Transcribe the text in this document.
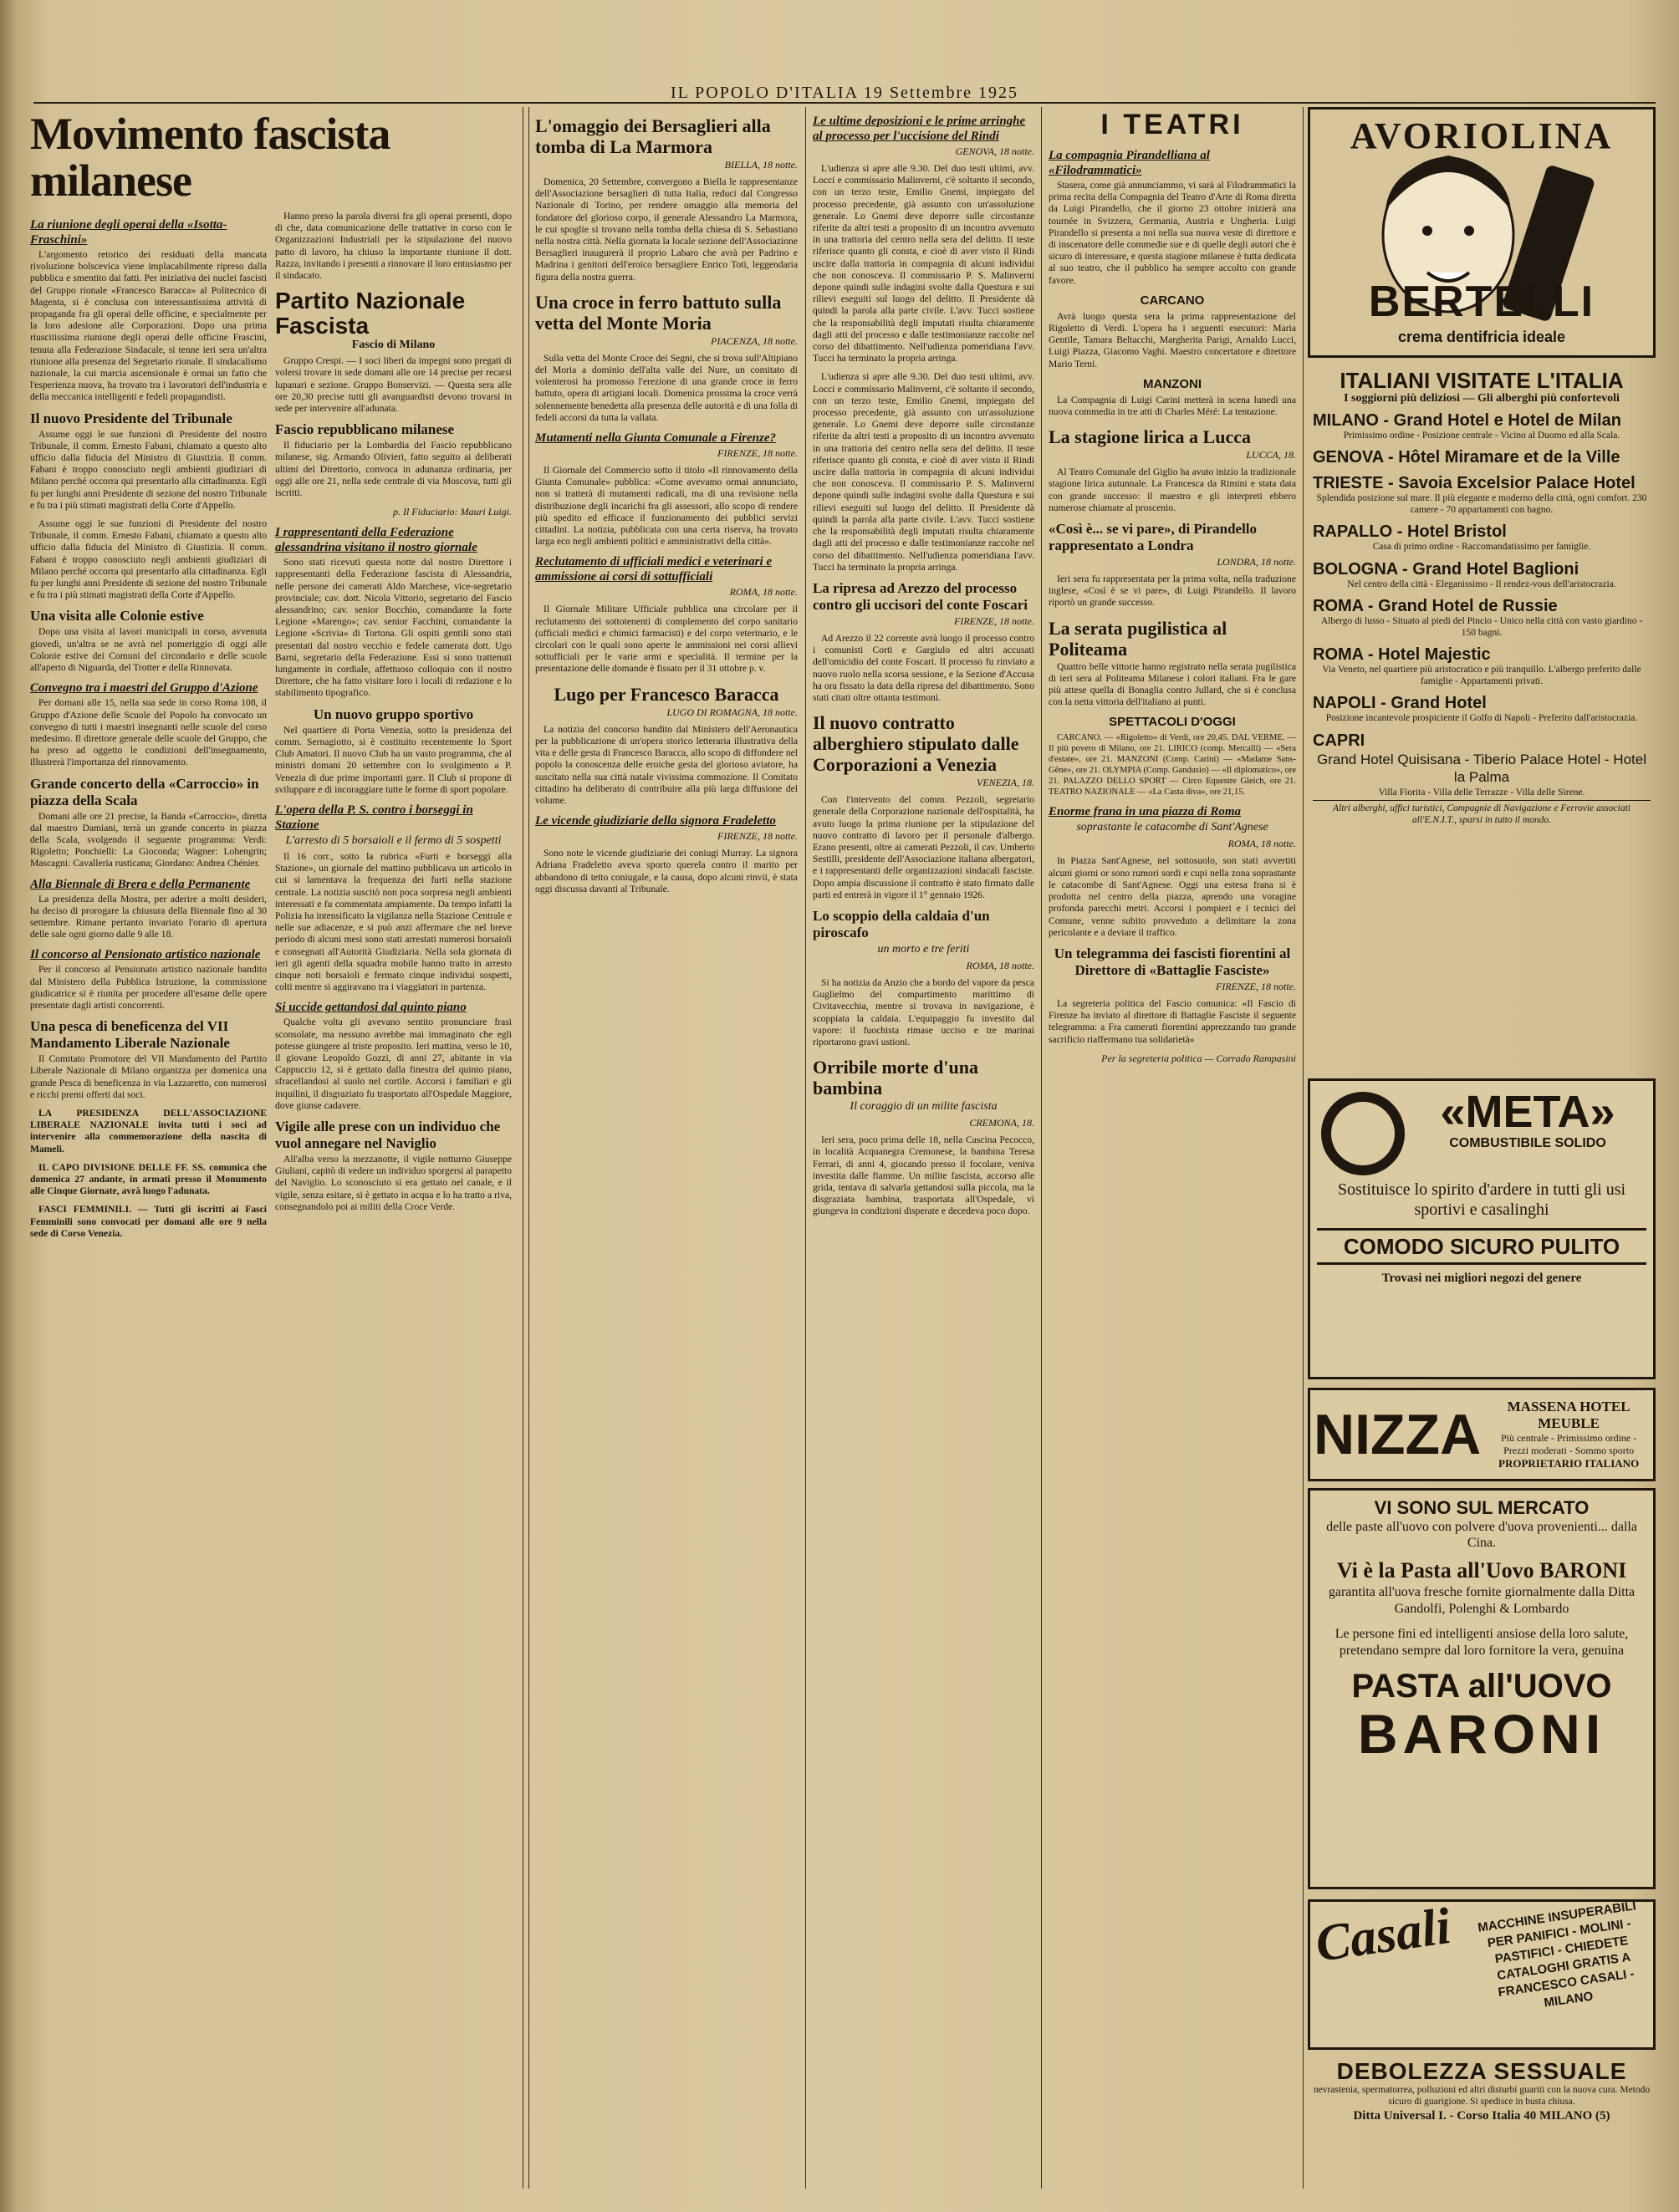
IL POPOLO D'ITALIA 19 Settembre 1925
Movimento fascista milanese
La riunione degli operai della «Isotta-Fraschini»

L'argomento retorico dei residuati della mancata rivoluzione bolscevica viene implacabilmente ripreso dalla pubblica e smentito dai fatti. Per iniziativa dei nuclei fascisti del Gruppo rionale «Francesco Baracca» al Politecnico di Magenta, si è conclusa con interessantissima attività di propaganda fra gli operai delle officine, e specialmente per la loro adesione alle Corporazioni. Dopo una prima riuscitissima riunione degli operai delle officine Frascini, tenuta alla Federazione Sindacale, si tenne ieri sera un'altra riunione alla presenza del Segretario rionale. Il sindacalismo nazionale, la cui marcia ascensionale è ormai un fatto che l'esperienza nuova, ha trovato tra i lavoratori dell'industria e della meccanica intelligenti e fedeli propagandisti.

Il nuovo Presidente del Tribunale

Assume oggi le sue funzioni di Presidente del nostro Tribunale, il comm. Ernesto Fabani, chiamato a questo alto ufficio dalla fiducia del Ministro di Giustizia. Il comm. Fabani è troppo conosciuto negli ambienti giudiziari di Milano perché occorra qui presentarlo alla cittadinanza. Egli fu per lunghi anni Presidente di sezione del nostro Tribunale e fu tra i più stimati magistrati della Corte d'Appello.

Assume oggi le sue funzioni di Presidente del nostro Tribunale, il comm. Ernesto Fabani, chiamato a questo alto ufficio dalla fiducia del Ministro di Giustizia. Il comm. Fabani è troppo conosciuto negli ambienti giudiziari di Milano perché occorra qui presentarlo alla cittadinanza. Egli fu per lunghi anni Presidente di sezione del nostro Tribunale e fu tra i più stimati magistrati della Corte d'Appello.

Una visita alle Colonie estive

Dopo una visita al lavori municipali in corso, avvenuta giovedì, un'altra se ne avrà nel pomeriggio di oggi alle Colonie estive dei Comuni del circondario e delle scuole all'aperto di Niguarda, del Trotter e della Rinnovata.

Convegno tra i maestri del Gruppo d'Azione

Per domani alle 15, nella sua sede in corso Roma 108, il Gruppo d'Azione delle Scuole del Popolo ha convocato un convegno di tutti i maestri insegnanti nelle scuole del corso medesimo. Il direttore generale delle scuole del Gruppo, che ha preso ad oggetto le condizioni dell'insegnamento, illustrerà l'importanza del rinnovamento.

Grande concerto della «Carroccio» in piazza della Scala

Domani alle ore 21 precise, la Banda «Carroccio», diretta dal maestro Damiani, terrà un grande concerto in piazza della Scala, svolgendo il seguente programma: Verdi: Rigoletto; Ponchielli: La Gioconda; Wagner: Lohengrin; Mascagni: Cavalleria rusticana; Giordano: Andrea Chénier.

Alla Biennale di Brera e della Permanente

La presidenza della Mostra, per aderire a molti desideri, ha deciso di prorogare la chiusura della Biennale fino al 30 settembre. Rimane pertanto invariato l'orario di apertura delle sale ogni giorno dalle 9 alle 18.

Il concorso al Pensionato artistico nazionale

Per il concorso al Pensionato artistico nazionale bandito dal Ministero della Pubblica Istruzione, la commissione giudicatrice si è riunita per procedere all'esame delle opere presentate dagli artisti concorrenti.

Una pesca di beneficenza del VII Mandamento Liberale Nazionale

Il Comitato Promotore del VII Mandamento del Partito Liberale Nazionale di Milano organizza per domenica una grande Pesca di beneficenza in via Lazzaretto, con numerosi e ricchi premi offerti dai soci.

LA PRESIDENZA DELL'ASSOCIAZIONE LIBERALE NAZIONALE invita tutti i soci ad intervenire alla commemorazione della nascita di Mameli.

IL CAPO DIVISIONE DELLE FF. SS. comunica che domenica 27 andante, in armati presso il Monumento alle Cinque Giornate, avrà luogo l'adunata.

FASCI FEMMINILI. — Tutti gli iscritti ai Fasci Femminili sono convocati per domani alle ore 9 nella sede di Corso Venezia.

Hanno preso la parola diversi fra gli operai presenti, dopo di che, data comunicazione delle trattative in corso con le Organizzazioni Industriali per la stipulazione del nuovo patto di lavoro, ha chiuso la importante riunione il dott. Razza, invitando i presenti a rinnovare il loro entusiasmo per il sindacato.

Partito Nazionale Fascista
Fascio di Milano

Gruppo Crespi. — I soci liberi da impegni sono pregati di volersi trovare in sede domani alle ore 14 precise per recarsi lupanari e sezione. Gruppo Bonservizi. — Questa sera alle ore 20,30 precise tutti gli avanguardisti devono trovarsi in sede per intervenire all'adunata.

Fascio repubblicano milanese

Il fiduciario per la Lombardia del Fascio repubblicano milanese, sig. Armando Olivieri, fatto seguito ai deliberati ultimi del Direttorio, convoca in adunanza ordinaria, per oggi alle ore 21, nella sede centrale di via Moscova, tutti gli iscritti.

p. Il Fiduciario: Mauri Luigi.
I rappresentanti della Federazione alessandrina visitano il nostro giornale

Sono stati ricevuti questa notte dal nostro Direttore i rappresentanti della Federazione fascista di Alessandria, nelle persone dei camerati Aldo Marchese, vice-segretario provinciale; cav. dott. Nicola Vittorio, segretario del Fascio alessandrino; cav. senior Bocchio, comandante la forte Legione «Marengo»; cav. senior Facchini, comandante la Legione «Scrivia» di Tortona. Gli ospiti gentili sono stati presentati dal nostro vecchio e fedele camerata dott. Ugo Barni, segretario della Federazione. Essi si sono trattenuti lungamente in cordiale, affettuoso colloquio con il nostro Direttore, che ha fatto visitare loro i locali di redazione e lo stabilimento tipografico.

Un nuovo gruppo sportivo

Nel quartiere di Porta Venezia, sotto la presidenza del comm. Sernagiotto, si è costituito recentemente lo Sport Club Amatori. Il nuovo Club ha un vasto programma, che al ministri domani 20 settembre con lo svolgimento a P. Venezia di due prime importanti gare. Il Club si propone di sviluppare e di incoraggiare tutte le forme di sport popolare.

L'opera della P. S. contro i borseggi in Stazione
L'arresto di 5 borsaioli e il fermo di 5 sospetti

Il 16 corr., sotto la rubrica «Furti e borseggi alla Stazione», un giornale del mattino pubblicava un articolo in cui si lamentava la frequenza dei furti nella stazione centrale. La notizia suscitò non poca sorpresa negli ambienti interessati e fu commentata ampiamente. Da tempo infatti la Polizia ha intensificato la vigilanza nella Stazione Centrale e nelle sue adiacenze, e si può anzi affermare che nel breve periodo di alcuni mesi sono stati arrestati numerosi borsaioli e consegnati all'Autorità Giudiziaria. Nella sola giornata di ieri gli agenti della squadra mobile hanno tratto in arresto cinque noti borsaioli e fermato cinque individui sospetti, colti mentre si aggiravano tra i viaggiatori in partenza.

Si uccide gettandosi dal quinto piano

Qualche volta gli avevano sentito pronunciare frasi sconsolate, ma nessuno avrebbe mai immaginato che egli potesse giungere al triste proposito. Ieri mattina, verso le 10, il giovane Leopoldo Gozzi, di anni 27, abitante in via Cappuccio 12, si è gettato dalla finestra del quinto piano, sfracellandosi al suolo nel cortile. Accorsi i familiari e gli inquilini, il disgraziato fu trasportato all'Ospedale Maggiore, dove giunse cadavere.

Vigile alle prese con un individuo che vuol annegare nel Naviglio

All'alba verso la mezzanotte, il vigile notturno Giuseppe Giuliani, capitò di vedere un individuo sporgersi al parapetto del Naviglio. Lo sconosciuto si era gettato nel canale, e il vigile, senza esitare, si è gettato in acqua e lo ha tratto a riva, consegnandolo poi ai militi della Croce Verde.

L'omaggio dei Bersaglieri alla tomba di La Marmora
BIELLA, 18 notte.

Domenica, 20 Settembre, convergono a Biella le rappresentanze dell'Associazione bersaglieri di tutta Italia, reduci dal Congresso Nazionale di Torino, per rendere omaggio alla memoria del fondatore del glorioso corpo, il generale Alessandro La Marmora, le cui spoglie si trovano nella tomba della chiesa di S. Sebastiano nella nostra città. Nella giornata la locale sezione dell'Associazione Bersaglieri inaugurerà il proprio Labaro che avrà per Padrino e Madrina i genitori dell'eroico bersagliere Enrico Toti, leggendaria figura della nostra guerra.

Una croce in ferro battuto sulla vetta del Monte Moria
PIACENZA, 18 notte.

Sulla vetta del Monte Croce dei Segni, che si trova sull'Altipiano del Moria a dominio dell'alta valle del Nure, un comitato di volenterosi ha promosso l'erezione di una grande croce in ferro battuto, opera di artigiani locali. Domenica prossima la croce verrà solennemente benedetta alla presenza delle autorità e di una folla di fedeli accorsi da tutta la vallata.

Mutamenti nella Giunta Comunale a Firenze?
FIRENZE, 18 notte.

Il Giornale del Commercio sotto il titolo «Il rinnovamento della Giunta Comunale» pubblica: «Come avevamo ormai annunciato, non si tratterà di mutamenti radicali, ma di una revisione nella distribuzione degli incarichi fra gli assessori, allo scopo di rendere più spedito ed efficace il funzionamento dei pubblici servizi cittadini. La notizia, pubblicata con una certa riserva, ha trovato larga eco negli ambienti politici e amministrativi della città».

Reclutamento di ufficiali medici e veterinari e ammissione ai corsi di sottufficiali
ROMA, 18 notte.

Il Giornale Militare Ufficiale pubblica una circolare per il reclutamento dei sottotenenti di complemento del corpo sanitario (ufficiali medici e chimici farmacisti) e del corpo veterinario, e le circolari con le quali sono aperte le ammissioni nei corsi allievi sottufficiali per le varie armi e specialità. Il termine per la presentazione delle domande è fissato per il 31 ottobre p. v.

Lugo per Francesco Baracca
LUGO DI ROMAGNA, 18 notte.

La notizia del concorso bandito dal Ministero dell'Aeronautica per la pubblicazione di un'opera storico letteraria illustrativa della vita e delle gesta di Francesco Baracca, allo scopo di diffondere nel popolo la conoscenza delle eroiche gesta del glorioso aviatore, ha suscitato nella sua città natale vivissima commozione. Il Comitato cittadino ha deliberato di contribuire alla più larga diffusione del volume.

Le vicende giudiziarie della signora Fradeletto
FIRENZE, 18 notte.

Sono note le vicende giudiziarie dei coniugi Murray. La signora Adriana Fradeletto aveva sporto querela contro il marito per abbandono di tetto coniugale, e la causa, dopo alcuni rinvii, è stata oggi discussa davanti al Tribunale.

Le ultime deposizioni e le prime arringhe al processo per l'uccisione del Rindi
GENOVA, 18 notte.

L'udienza si apre alle 9.30. Del duo testi ultimi, avv. Locci e commissario Malinverni, c'è soltanto il secondo, con un terzo teste, Emilio Gnemi, impiegato del processo precedente, già assunto con un'assoluzione generale. Lo Gnemi deve deporre sulle circostanze riferite da altri testi a proposito di un incontro avvenuto in una trattoria del centro nella sera del delitto. Il teste riferisce quanto gli consta, e cioè di aver visto il Rindi uscire dalla trattoria in compagnia di alcuni individui che non conosceva. Il commissario P. S. Malinverni depone quindi sulle indagini svolte dalla Questura e sui rilievi eseguiti sul luogo del delitto. Il Presidente dà quindi la parola alla parte civile. L'avv. Tucci sostiene che la responsabilità degli imputati risulta chiaramente dagli atti del processo e dalle testimonianze raccolte nel corso del dibattimento. Nell'udienza pomeridiana l'avv. Tucci ha terminato la propria arringa.

L'udienza si apre alle 9.30. Del duo testi ultimi, avv. Locci e commissario Malinverni, c'è soltanto il secondo, con un terzo teste, Emilio Gnemi, impiegato del processo precedente, già assunto con un'assoluzione generale. Lo Gnemi deve deporre sulle circostanze riferite da altri testi a proposito di un incontro avvenuto in una trattoria del centro nella sera del delitto. Il teste riferisce quanto gli consta, e cioè di aver visto il Rindi uscire dalla trattoria in compagnia di alcuni individui che non conosceva. Il commissario P. S. Malinverni depone quindi sulle indagini svolte dalla Questura e sui rilievi eseguiti sul luogo del delitto. Il Presidente dà quindi la parola alla parte civile. L'avv. Tucci sostiene che la responsabilità degli imputati risulta chiaramente dagli atti del processo e dalle testimonianze raccolte nel corso del dibattimento. Nell'udienza pomeridiana l'avv. Tucci ha terminato la propria arringa.

La ripresa ad Arezzo del processo contro gli uccisori del conte Foscari
FIRENZE, 18 notte.

Ad Arezzo il 22 corrente avrà luogo il processo contro i comunisti Corti e Gargiulo ed altri accusati dell'omicidio del conte Foscari. Il processo fu rinviato a nuovo ruolo nella scorsa sessione, e la Sezione d'Accusa ha ora fissato la data della ripresa del dibattimento. Sono stati citati oltre ottanta testimoni.

Il nuovo contratto alberghiero stipulato dalle Corporazioni a Venezia
VENEZIA, 18.

Con l'intervento del comm. Pezzoli, segretario generale della Corporazione nazionale dell'ospitalità, ha avuto luogo la prima riunione per la stipulazione del nuovo contratto di lavoro per il personale d'albergo. Erano presenti, oltre ai camerati Pezzoli, il cav. Umberto Sestilli, presidente dell'Associazione italiana albergatori, e i rappresentanti delle organizzazioni sindacali fasciste. Dopo ampia discussione il contratto è stato firmato dalle parti ed entrerà in vigore il 1° gennaio 1926.

Lo scoppio della caldaia d'un piroscafo
un morto e tre feriti
ROMA, 18 notte.

Si ha notizia da Anzio che a bordo del vapore da pesca Guglielmo del compartimento marittimo di Civitavecchia, mentre si trovava in navigazione, è scoppiata la caldaia. L'equipaggio fu investito dal vapore: il fuochista rimase ucciso e tre marinai riportarono gravi ustioni.

Orribile morte d'una bambina
Il coraggio di un milite fascista
CREMONA, 18.

Ieri sera, poco prima delle 18, nella Cascina Pecocco, in località Acquanegra Cremonese, la bambina Teresa Ferrari, di anni 4, giocando presso il focolare, veniva investita dalle fiamme. Un milite fascista, accorso alle grida, tentava di salvarla gettandosi sulla piccola, ma la disgraziata bambina, trasportata all'Ospedale, vi giungeva in condizioni disperate e decedeva poco dopo.

I TEATRI
La compagnia Pirandelliana al «Filodrammatici»

Stasera, come già annunciammo, vi sarà al Filodrammatici la prima recita della Compagnia del Teatro d'Arte di Roma diretta da Luigi Pirandello, che il giorno 23 ottobre inizierà una tournée in Svizzera, Germania, Austria e Ungheria. Luigi Pirandello si presenta a noi nella sua nuova veste di direttore e di inscenatore delle commedie sue e di quelle degli autori che è sicuro di interessare, e questa stagione milanese è tutta dedicata al suo teatro, che il pubblico ha sempre accolto con grande favore.

CARCANO

Avrà luogo questa sera la prima rappresentazione del Rigoletto di Verdi. L'opera ha i seguenti esecutori: Maria Gentile, Tamara Beltacchi, Margherita Parigi, Arnaldo Lucci, Luigi Piazza, Giacomo Vaghi. Maestro concertatore e direttore Mario Terni.

MANZONI

La Compagnia di Luigi Carini metterà in scena lunedì una nuova commedia in tre atti di Charles Méré: La tentazione.

La stagione lirica a Lucca
LUCCA, 18.

Al Teatro Comunale del Giglio ha avuto inizio la tradizionale stagione lirica autunnale. La Francesca da Rimini e stata data con grande successo: il maestro e gli interpreti ebbero numerose chiamate al proscenio.

«Così è... se vi pare», di Pirandello rappresentato a Londra
LONDRA, 18 notte.

Ieri sera fu rappresentata per la prima volta, nella traduzione inglese, «Così è se vi pare», di Luigi Pirandello. Il lavoro riportò un grande successo.

La serata pugilistica al Politeama

Quattro belle vittorie hanno registrato nella serata pugilistica di ieri sera al Politeama Milanese i colori italiani. Fra le gare più attese quella di Bonaglia contro Jullard, che si è conclusa con la netta vittoria dell'italiano ai punti.

SPETTACOLI D'OGGI

CARCANO. — «Rigoletto» di Verdi, ore 20,45. DAL VERME. — Il più povero di Milano, ore 21. LIRICO (comp. Mercalli) — «Sera d'estate», ore 21. MANZONI (Comp. Carini) — «Madame Sans-Gêne», ore 21. OLYMPIA (Comp. Gandusio) — «Il diplomatico», ore 21. PALAZZO DELLO SPORT — Circo Equestre Gleich, ore 21. TEATRO NAZIONALE — «La Casta diva», ore 21,15.

Enorme frana in una piazza di Roma
soprastante le catacombe di Sant'Agnese
ROMA, 18 notte.

In Piazza Sant'Agnese, nel sottosuolo, son stati avvertiti alcuni giorni or sono rumori sordi e cupi nella zona soprastante le catacombe di Sant'Agnese. Oggi una estesa frana si è prodotta nel centro della piazza, aprendo una voragine profonda parecchi metri. Accorsi i pompieri e i tecnici del Comune, venne subito provveduto a delimitare la zona pericolante e a deviare il traffico.

Un telegramma dei fascisti fiorentini al Direttore di «Battaglie Fasciste»
FIRENZE, 18 notte.

La segreteria politica del Fascio comunica: «Il Fascio di Firenze ha inviato al direttore di Battaglie Fasciste il seguente telegramma: a Fra camerati fiorentini apprezzando tuo grande sacrificio riaffermano tua solidarietà»

Per la segreteria politica — Corrado Rampasini
AVORIOLINA
BERTELLI
crema dentifricia ideale
ITALIANI VISITATE L'ITALIA
I soggiorni più deliziosi — Gli alberghi più confortevoli
MILANO - Grand Hotel e Hotel de Milan
Primissimo ordine - Posizione centrale - Vicino al Duomo ed alla Scala.
GENOVA - Hôtel Miramare et de la Ville
TRIESTE - Savoia Excelsior Palace Hotel
Splendida posizione sul mare. Il più elegante e moderno della città, ogni comfort. 230 camere - 70 appartamenti con bagno.
RAPALLO - Hotel Bristol
Casa di primo ordine - Raccomandatissimo per famiglie.
BOLOGNA - Grand Hotel Baglioni
Nel centro della città - Eleganissimo - Il rendez-vous dell'aristocrazia.
ROMA - Grand Hotel de Russie
Albergo di lusso - Situato al piedi del Pincio - Unico nella città con vasto giardino - 150 bagni.
ROMA - Hotel Majestic
Via Veneto, nel quartiere più aristocratico e più tranquillo. L'albergo preferito dalle famiglie - Appartamenti privati.
NAPOLI - Grand Hotel
Posizione incantevole prospiciente il Golfo di Napoli - Preferito dall'aristocrazia.
CAPRI
Grand Hotel Quisisana - Tiberio Palace Hotel - Hotel la Palma
Villa Fiorita - Villa delle Terrazze - Villa delle Sirene.
Altri alberghi, uffici turistici, Compagnie di Navigazione e Ferrovie associati all'E.N.I.T., sparsi in tutto il mondo.
«META»
COMBUSTIBILE SOLIDO
Sostituisce lo spirito d'ardere in tutti gli usi sportivi e casalinghi
COMODO SICURO PULITO
Trovasi nei migliori negozi del genere
NIZZA	MASSENA HOTEL MEUBLE
Più centrale - Primissimo ordine - Prezzi moderati - Sommo sporto
PROPRIETARIO ITALIANO
VI SONO SUL MERCATO
delle paste all'uovo con polvere d'uova provenienti... dalla Cina.
Vi è la Pasta all'Uovo BARONI
garantita all'uova fresche fornite giornalmente dalla Ditta Gandolfi, Polenghi & Lombardo
Le persone fini ed intelligenti ansiose della loro salute, pretendano sempre dal loro fornitore la vera, genuina
PASTA all'UOVO
BARONI
Casali	MACCHINE INSUPERABILI PER PANIFICI - MOLINI - PASTIFICI - CHIEDETE CATALOGHI GRATIS A FRANCESCO CASALI - MILANO
DEBOLEZZA SESSUALE
nevrastenia, spermatorrea, polluzioni ed altri disturbi guariti con la nuova cura. Metodo sicuro di guarigione. Si spedisce in busta chiusa.
Ditta Universal I. - Corso Italia 40 MILANO (5)
